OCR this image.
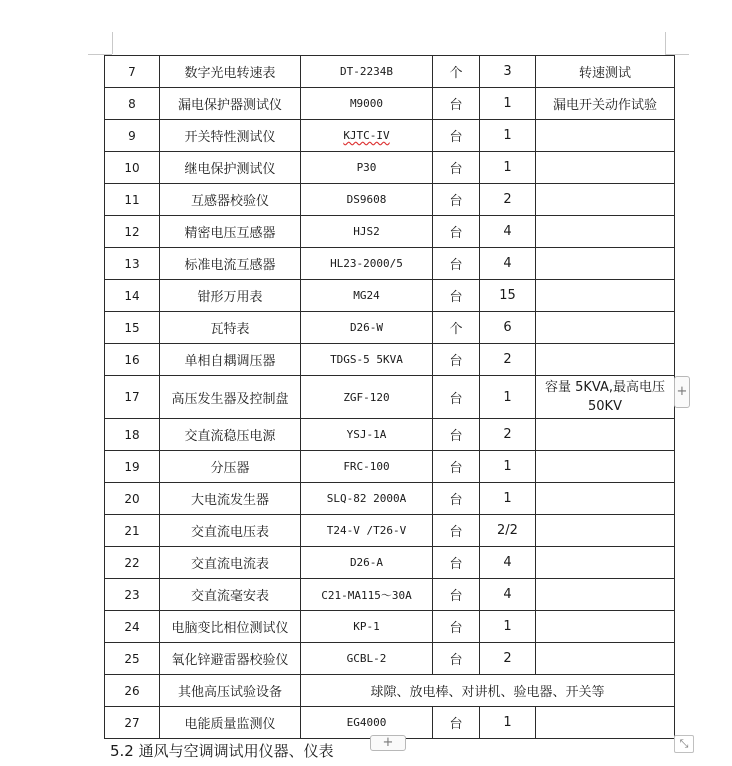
7	数字光电转速表	DT-2234B	个	3	转速测试
8	漏电保护器测试仪	M9000	台	1	漏电开关动作试验
9	开关特性测试仪	KJTC-IV	台	1	
10	继电保护测试仪	P30	台	1	
11	互感器校验仪	DS9608	台	2	
12	精密电压互感器	HJS2	台	4	
13	标准电流互感器	HL23-2000/5	台	4	
14	钳形万用表	MG24	台	15	
15	瓦特表	D26-W	个	6	
16	单相自耦调压器	TDGS-5 5KVA	台	2	
17	高压发生器及控制盘	ZGF-120	台	1	容量 5KVA,最高电压 50KV
18	交直流稳压电源	YSJ-1A	台	2	
19	分压器	FRC-100	台	1	
20	大电流发生器	SLQ-82 2000A	台	1	
21	交直流电压表	T24-V /T26-V	台	2/2	
22	交直流电流表	D26-A	台	4	
23	交直流毫安表	C21-MA115～30A	台	4	
24	电脑变比相位测试仪	KP-1	台	1	
25	氧化锌避雷器校验仪	GCBL-2	台	2	
26	其他高压试验设备	球隙、放电棒、对讲机、验电器、开关等			
27	电能质量监测仪	EG4000	台	1	
+
+	⤡
5.2 通风与空调调试用仪器、仪表
